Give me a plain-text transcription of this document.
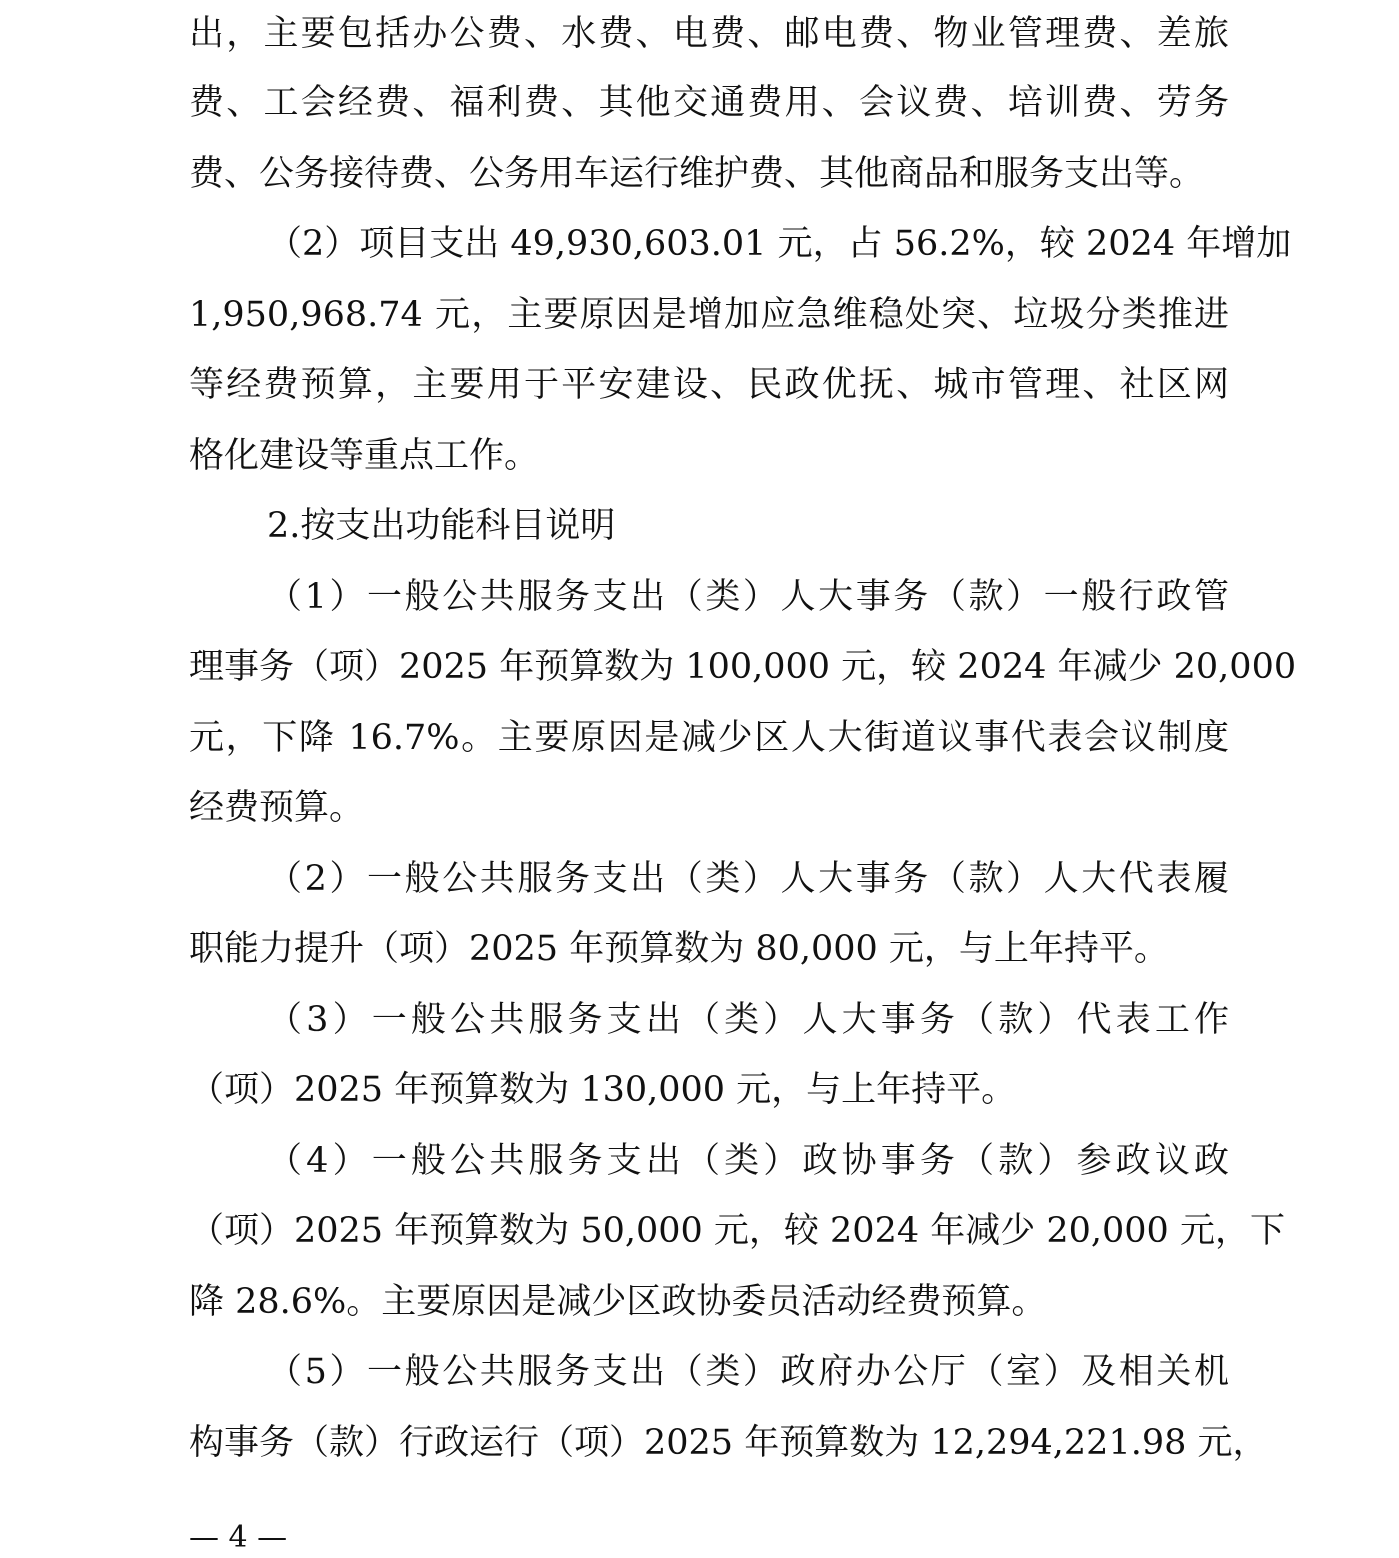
出，主要包括办公费、水费、电费、邮电费、物业管理费、差旅
费、工会经费、福利费、其他交通费用、会议费、培训费、劳务
费、公务接待费、公务用车运行维护费、其他商品和服务支出等。
（2）项目支出 49,930,603.01 元，占 56.2%，较 2024 年增加
1,950,968.74 元，主要原因是增加应急维稳处突、垃圾分类推进
等经费预算，主要用于平安建设、民政优抚、城市管理、社区网
格化建设等重点工作。
2.按支出功能科目说明
（1）一般公共服务支出（类）人大事务（款）一般行政管
理事务（项）2025 年预算数为 100,000 元，较 2024 年减少 20,000
元，下降 16.7%。主要原因是减少区人大街道议事代表会议制度
经费预算。
（2）一般公共服务支出（类）人大事务（款）人大代表履
职能力提升（项）2025 年预算数为 80,000 元，与上年持平。
（3）一般公共服务支出（类）人大事务（款）代表工作
（项）2025 年预算数为 130,000 元，与上年持平。
（4）一般公共服务支出（类）政协事务（款）参政议政
（项）2025 年预算数为 50,000 元，较 2024 年减少 20,000 元，下
降 28.6%。主要原因是减少区政协委员活动经费预算。
（5）一般公共服务支出（类）政府办公厅（室）及相关机
构事务（款）行政运行（项）2025 年预算数为 12,294,221.98 元，
— 4 —
